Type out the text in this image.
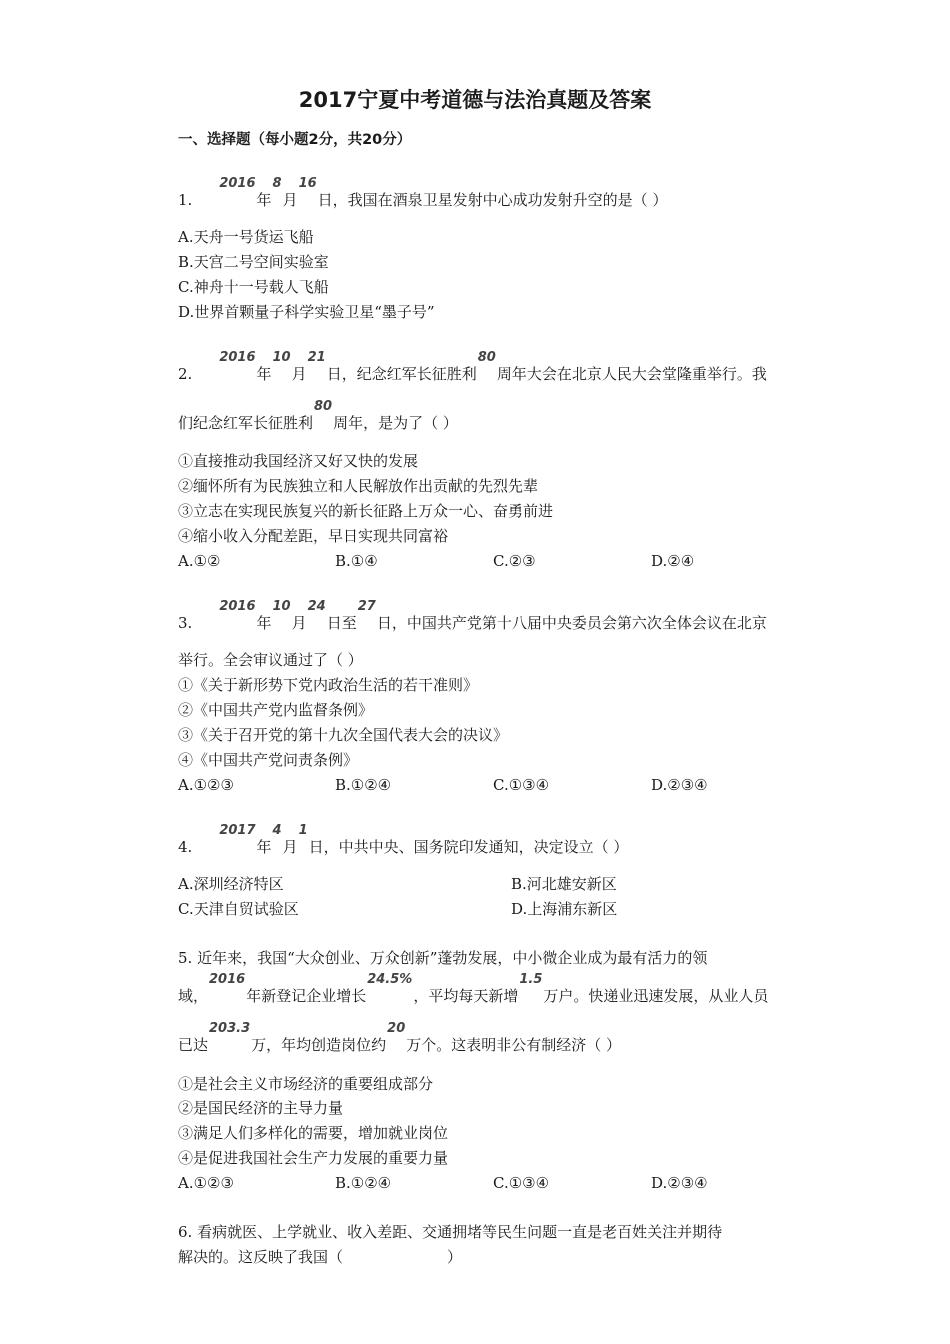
2017宁夏中考道德与法治真题及答案
一、选择题（每小题2分，共20分）
1.2016年8月16日，我国在酒泉卫星发射中心成功发射升空的是（ ）
A.天舟一号货运飞船
B.天宫二号空间实验室
C.神舟十一号载人飞船
D.世界首颗量子科学实验卫星“墨子号”
2.2016年10月21日，纪念红军长征胜利80周年大会在北京人民大会堂隆重举行。我
们纪念红军长征胜利80周年，是为了（ ）
①直接推动我国经济又好又快的发展
②缅怀所有为民族独立和人民解放作出贡献的先烈先辈
③立志在实现民族复兴的新长征路上万众一心、奋勇前进
④缩小收入分配差距，早日实现共同富裕
A.①②	B.①④	C.②③	D.②④
3.2016年10月24日至27日，中国共产党第十八届中央委员会第六次全体会议在北京
举行。全会审议通过了（ ）
①《关于新形势下党内政治生活的若干准则》
②《中国共产党内监督条例》
③《关于召开党的第十九次全国代表大会的决议》
④《中国共产党问责条例》
A.①②③	B.①②④	C.①③④	D.②③④
4.2017年4月1日，中共中央、国务院印发通知，决定设立（ ）
A.深圳经济特区	B.河北雄安新区
C.天津自贸试验区	D.上海浦东新区
5. 近年来，我国“大众创业、万众创新”蓬勃发展，中小微企业成为最有活力的领
域，2016年新登记企业增长24.5%，平均每天新增1.5万户。快递业迅速发展，从业人员
已达203.3万，年均创造岗位约20万个。这表明非公有制经济（ ）
①是社会主义市场经济的重要组成部分
②是国民经济的主导力量
③满足人们多样化的需要，增加就业岗位
④是促进我国社会生产力发展的重要力量
A.①②③	B.①②④	C.①③④	D.②③④
6. 看病就医、上学就业、收入差距、交通拥堵等民生问题一直是老百姓关注并期待
解决的。这反映了我国（	）
